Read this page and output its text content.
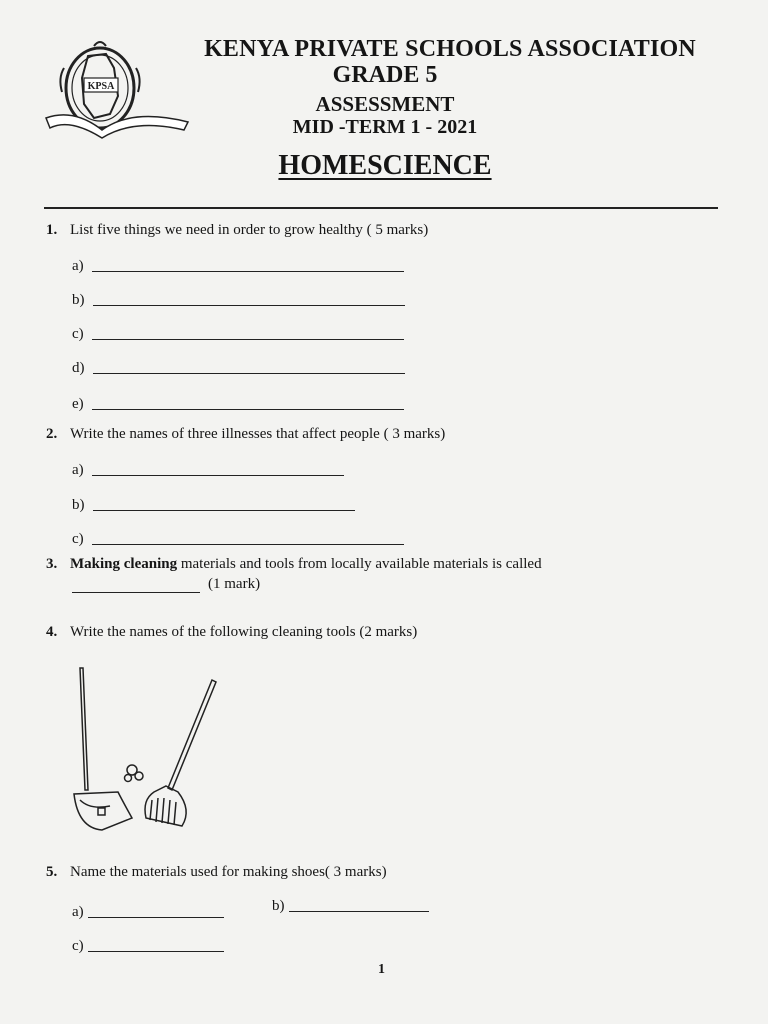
KPSA
KENYA PRIVATE SCHOOLS ASSOCIATION
GRADE 5
ASSESSMENT
MID -TERM 1 - 2021
HOMESCIENCE
1. List five things we need in order to grow healthy ( 5 marks)
a)
b)
c)
d)
e)
2. Write the names of three illnesses that affect people ( 3 marks)
a)
b)
c)
3. Making cleaning materials and tools from locally available materials is called
(1 mark)
4. Write the names of the following cleaning tools (2 marks)
5. Name the materials used for making shoes( 3 marks)
a)	b)
c)
1
